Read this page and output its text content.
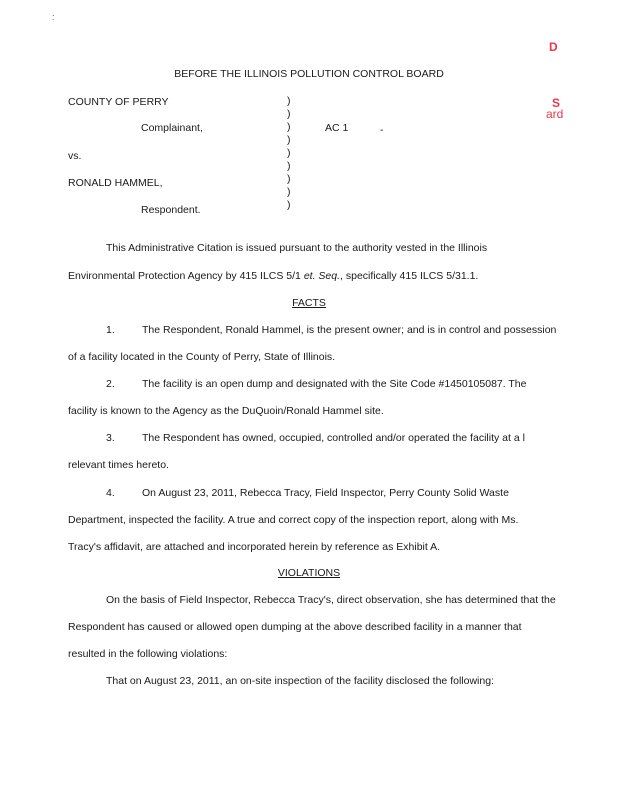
:
D
S
ard
BEFORE THE ILLINOIS POLLUTION CONTROL BOARD
COUNTY OF PERRY
Complainant,
vs.
RONALD HAMMEL,
Respondent.
)
)
)
)
)
)
)
)
)
AC 1	-
This Administrative Citation is issued pursuant to the authority vested in the Illinois
Environmental Protection Agency by 415 ILCS 5/1 et. Seq., specifically 415 ILCS 5/31.1.
FACTS
1.	The Respondent, Ronald Hammel, is the present owner; and is in control and possession
of a facility located in the County of Perry, State of Illinois.
2.	The facility is an open dump and designated with the Site Code #1450105087. The
facility is known to the Agency as the DuQuoin/Ronald Hammel site.
3.	The Respondent has owned, occupied, controlled and/or operated the facility at a l
relevant times hereto.
4.	On August 23, 2011, Rebecca Tracy, Field Inspector, Perry County Solid Waste
Department, inspected the facility. A true and correct copy of the inspection report, along with Ms.
Tracy's affidavit, are attached and incorporated herein by reference as Exhibit A.
VIOLATIONS
On the basis of Field Inspector, Rebecca Tracy's, direct observation, she has determined that the
Respondent has caused or allowed open dumping at the above described facility in a manner that
resulted in the following violations:
That on August 23, 2011, an on-site inspection of the facility disclosed the following:
